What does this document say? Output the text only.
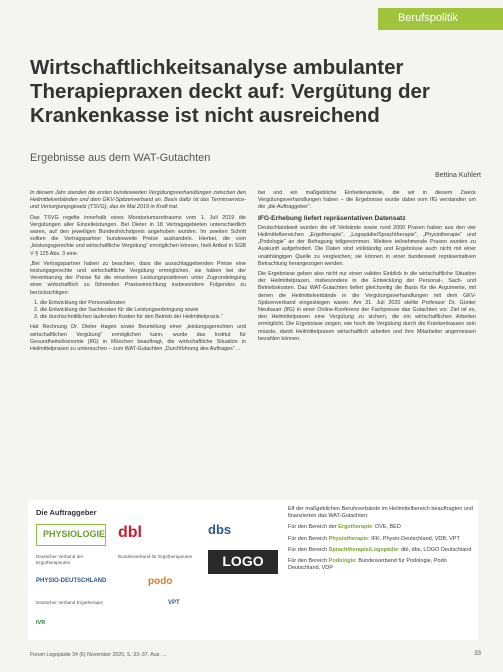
Berufspolitik
Wirtschaftlichkeitsanalyse ambulanter Therapiepraxen deckt auf: Vergütung der Krankenkasse ist nicht ausreichend
Ergebnisse aus dem WAT-Gutachten
Bettina Kuhlert

In diesem Jahr standen die ersten bundesweiten Vergütungsverhandlungen zwischen den Heilmittelverbänden und dem GKV-Spitzenverband an. Basis dafür ist das Terminservice- und Versorgungsgesetz (TSVG), das im Mai 2019 in Kraft trat.

Das TSVG regelte innerhalb eines Moratoriumszeitraums vom 1. Juli 2019 die Vergütungen aller Einzelleistungen. Bei Dieter in 18 Vertragsgebieten unterschiedlich waren, auf den jeweiligen Bundeshöchstpreis angehoben wurden. Im zweiten Schritt sollten die Vertragspartner bundesweite Preise aushandeln. Hierbei, die vom „leistungsgerechte und wirtschaftliche Vergütung“ ermöglichen können, hielt Artikel in SGB V § 125 Abs. 3 eine.

„Bei Vertragspartner haben zu beachten, dass die ausschlaggebenden Preise eine leistungsgerechte und wirtschaftliche Vergütung ermöglichen, sie haben bei der Vereinbarung der Preise für die einzelnen Leistungspositionen unter Zugrundelegung einer wirtschaftlich zu führenden Praxiseinrichtung insbesondere Folgendes zu berücksichtigen:

1. die Entwicklung der Personalkosten
2. die Entwicklung der Sachkosten für die Leistungserbringung sowie
3. die durchschnittlichen laufenden Kosten für den Betrieb der Heilmittelpraxis.“

Hat Rechnung Dr. Dieter Hagen sowie Beurteilung einer „leistungsgerechten und wirtschaftlichen Vergütung“ ermöglichen kann, wurde das Institut für Gesundheitsökonomie (IfG) in München beauftragt, die wirtschaftliche Situation in Heilmittelpraxen zu untersuchen – zum WAT-Gutachten „Durchführung des Auftrages“ ...

bei und ein maßgebliche Einheitenanteile, die wir in diesem Zweck Vergütungsverhandlungen haben – die Ergebnisse wurde dabei vom IfG verstanden um die „die Auftraggeber“.

IFG-Erhebung liefert repräsentativen Datensatz

Deutschlandweit wurden die elf Verbände sowie rund 2000 Praxen haben aus den vier Heilmittelbereichen „Ergotherapie“, „Logopädie/Sprachtherapie“, „Physiotherapie“ und „Podologie“ an der Befragung teilgenommen. Weitere teilnehmende Praxen wurden zu Auskunft aufgefordert. Die Daten sind vollständig und Ergebnisse auch nicht mit einer unabhängigen Quelle zu vergleichen; sie können in einer bundesweit repräsentativen Betrachtung herangezogen werden.

Die Ergebnisse geben also nicht nur einen validen Einblick in die wirtschaftliche Situation der Heilmittelpraxen, insbesondere in die Entwicklung der Personal-, Sach- und Betriebskosten. Das WAT-Gutachten liefert gleichzeitig die Basis für die Argumente, mit denen die Heilmittelverbände in die Vergütungsverhandlungen mit dem GKV-Spitzenverband eingestiegen waren. Am 31. Juli 2020 stellte Professor Dr. Günter Neubauer (IfG) in einer Online-Konferenz der Fachpresse das Gutachten vor. Ziel ist es, den Heilmittelpraxen eine Vergütung zu sichern, die ein wirtschaftliches Arbeiten ermöglicht. Die Ergebnisse zeigen, wie hoch die Vergütung durch die Krankenkassen sein müsste, damit Heilmittelpraxen wirtschaftlich arbeiten und ihre Mitarbeiter angemessen bezahlen können.

Die Auftraggeber
PHYSIOLOGIE dbl	dbs
Deutscher Verband der Ergotherapeuten
Bundesverband für Ergotherapeuten	LOGO
PHYSIO-DEUTSCHLAND	podo
Deutscher Verband Ergotherapie	VPT
IVR

Elf der maßgeblichen Berufsverbände im Heilmittelbereich beauftragten und finanzierten das WAT-Gutachten:

Für den Bereich der Ergotherapie: DVE, BED

Für den Bereich Physiotherapie: IFK, Physio-Deutschland, VDB, VPT

Für den Bereich Sprachtherapie/Logopädie: dbl, dbs, LOGO Deutschland

Für den Bereich Podologie: Bundesverband für Podologie, Podo Deutschland, VDP

Forum Logopädie 34 (6) November 2020, S. 33–37. Aus: ...	33
